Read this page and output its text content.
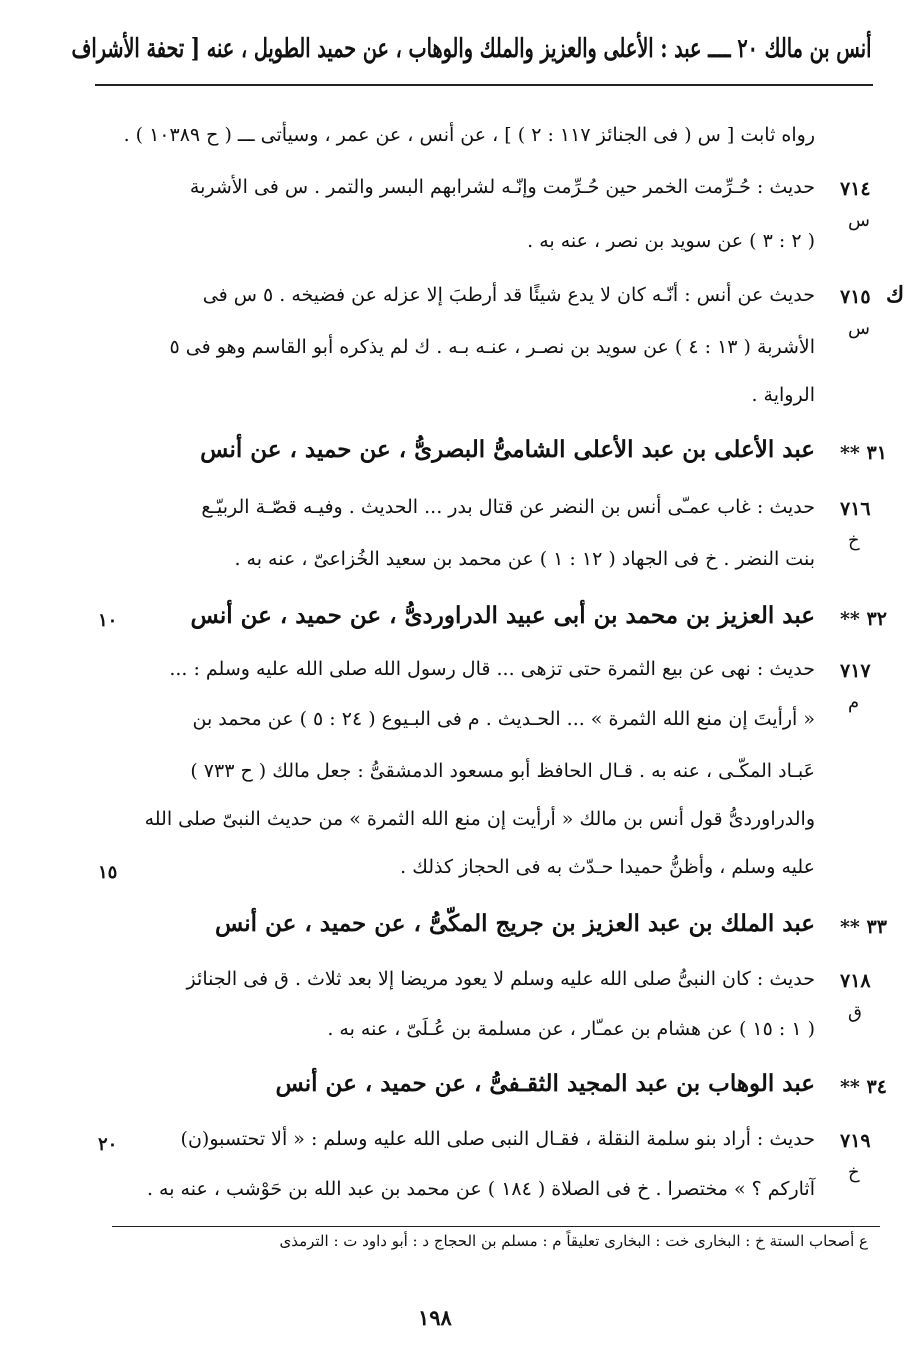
أنس بن مالك ٢٠ ــــ عبد : الأعلى والعزيز والملك والوهاب ، عن حميد الطويل ، عنه [ تحفة الأشراف
رواه ثابت [ س ( فى الجنائز ١١٧ : ٢ ) ] ، عن أنس ، عن عمر ، وسيأتى ـــ ( ح ١٠٣٨٩ ) .
٧١٤
س
حديث : حُـرِّمت الخمر حين حُـرِّمت وإنّـه لشرابهم البسر والتمر . س فى الأشربة
( ٢ : ٣ ) عن سويد بن نصر ، عنه به .
ك
٧١٥
س
حديث عن أنس : أنّـه كان لا يدع شيئًا قد أرطبَ إلا عزله عن فضيخه . ٥ س فى
الأشربة ( ١٣ : ٤ ) عن سويد بن نصـر ، عنـه بـه . ك لم يذكره أبو القاسم وهو فى ٥
الرواية .
٣١ **
عبد الأعلى بن عبد الأعلى الشامىُّ البصرىُّ ، عن حميد ، عن أنس
٧١٦
خ
حديث : غاب عمـّى أنس بن النضر عن قتال بدر ... الحديث . وفيـه قصّـة الربيّـع
بنت النضر . خ فى الجهاد ( ١٢ : ١ ) عن محمد بن سعيد الخُزاعىّ ، عنه به .
٣٢ **
عبد العزيز بن محمد بن أبى عبيد الدراوردىُّ ، عن حميد ، عن أنس
١٠
٧١٧
م
حديث : نهى عن بيع الثمرة حتى تزهى ... قال رسول الله صلى الله عليه وسلم : ...
« أرأيتَ إن منع الله الثمرة » ... الحـديث . م فى البـيوع ( ٢٤ : ٥ ) عن محمد بن
عَبـاد المكّـى ، عنه به . قـال الحافظ أبو مسعود الدمشقىُّ : جعل مالك ( ح ٧٣٣ )
والدراوردىُّ قول أنس بن مالك « أرأيت إن منع الله الثمرة » من حديث النبىّ صلى الله
عليه وسلم ، وأظنُّ حميدا حـدّث به فى الحجاز كذلك .
١٥
٣٣ **
عبد الملك بن عبد العزيز بن جريج المكّىُّ ، عن حميد ، عن أنس
٧١٨
ق
حديث : كان النبىُّ صلى الله عليه وسلم لا يعود مريضا إلا بعد ثلاث . ق فى الجنائز
( ١ : ١٥ ) عن هشام بن عمـّار ، عن مسلمة بن عُـلَىّ ، عنه به .
٣٤ **
عبد الوهاب بن عبد المجيد الثقـفىُّ ، عن حميد ، عن أنس
٧١٩
خ
حديث : أراد بنو سلمة النقلة ، فقـال النبى صلى الله عليه وسلم : « ألا تحتسبو(ن)
آثاركم ؟ » مختصرا . خ فى الصلاة ( ١٨٤ ) عن محمد بن عبد الله بن حَوْشب ، عنه به .
٢٠
ع أصحاب الستة خ : البخارى خت : البخارى تعليقاً م : مسلم بن الحجاج د : أبو داود ت : الترمذى
١٩٨
